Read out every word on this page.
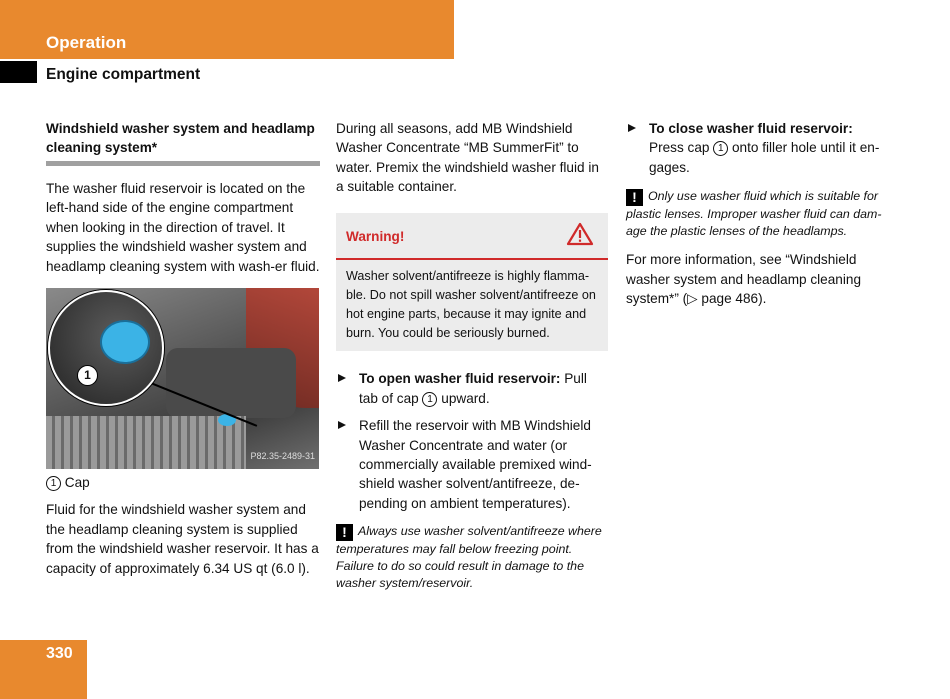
Operation
Engine compartment
Windshield washer system and headlamp cleaning system*

The washer fluid reservoir is located on the left-hand side of the engine compartment when looking in the direction of travel. It supplies the windshield washer system and headlamp cleaning system with wash-er fluid.

1
P82.35-2489-31

1 Cap

Fluid for the windshield washer system and the headlamp cleaning system is supplied from the windshield washer reservoir. It has a capacity of approximately 6.34 US qt (6.0 l).

During all seasons, add MB Windshield Washer Concentrate “MB SummerFit” to water. Premix the windshield washer fluid in a suitable container.

Warning!
Washer solvent/antifreeze is highly flamma-ble. Do not spill washer solvent/antifreeze on hot engine parts, because it may ignite and burn. You could be seriously burned.
To open washer fluid reservoir: Pull tab of cap 1 upward.
Refill the reservoir with MB Windshield Washer Concentrate and water (or commercially available premixed wind-shield washer solvent/antifreeze, de-pending on ambient temperatures).

! Always use washer solvent/antifreeze where temperatures may fall below freezing point. Failure to do so could result in damage to the washer system/reservoir.

To close washer fluid reservoir:
Press cap 1 onto filler hole until it en-gages.

! Only use washer fluid which is suitable for plastic lenses. Improper washer fluid can dam-age the plastic lenses of the headlamps.

For more information, see “Windshield washer system and headlamp cleaning system*” (▷ page 486).

330
